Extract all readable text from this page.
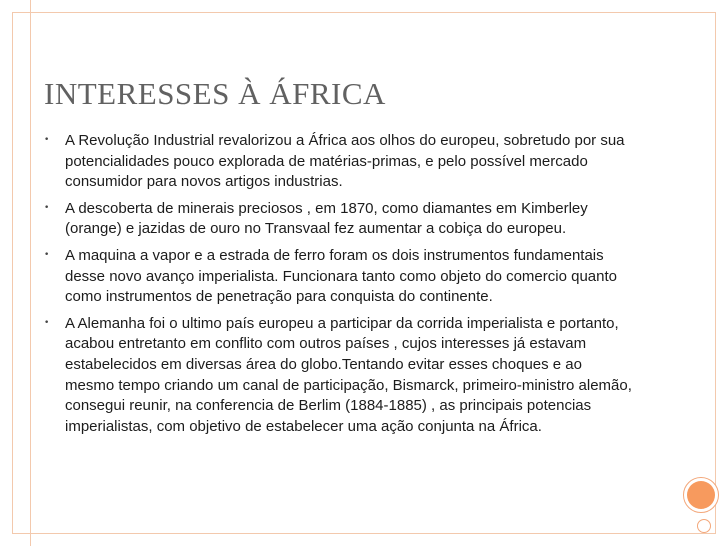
INTERESSES À ÁFRICA
• A Revolução Industrial revalorizou a África aos olhos do europeu, sobretudo por sua potencialidades pouco explorada de matérias-primas, e pelo possível mercado consumidor para novos artigos industrias.
• A descoberta de minerais preciosos , em 1870, como diamantes em Kimberley (orange) e jazidas de ouro no Transvaal fez aumentar a cobiça do europeu.
• A maquina a vapor e a estrada de ferro foram os dois instrumentos fundamentais desse novo avanço imperialista. Funcionara tanto como objeto do comercio quanto como instrumentos de penetração para conquista do continente.
• A Alemanha foi o ultimo país europeu a participar da corrida imperialista e portanto, acabou entretanto em conflito com outros países , cujos interesses já estavam estabelecidos em diversas área do globo.Tentando evitar esses choques e ao mesmo tempo criando um canal de participação, Bismarck, primeiro-ministro alemão, consegui reunir, na conferencia de Berlim (1884-1885) , as principais potencias imperialistas, com objetivo de estabelecer uma ação conjunta na África.
